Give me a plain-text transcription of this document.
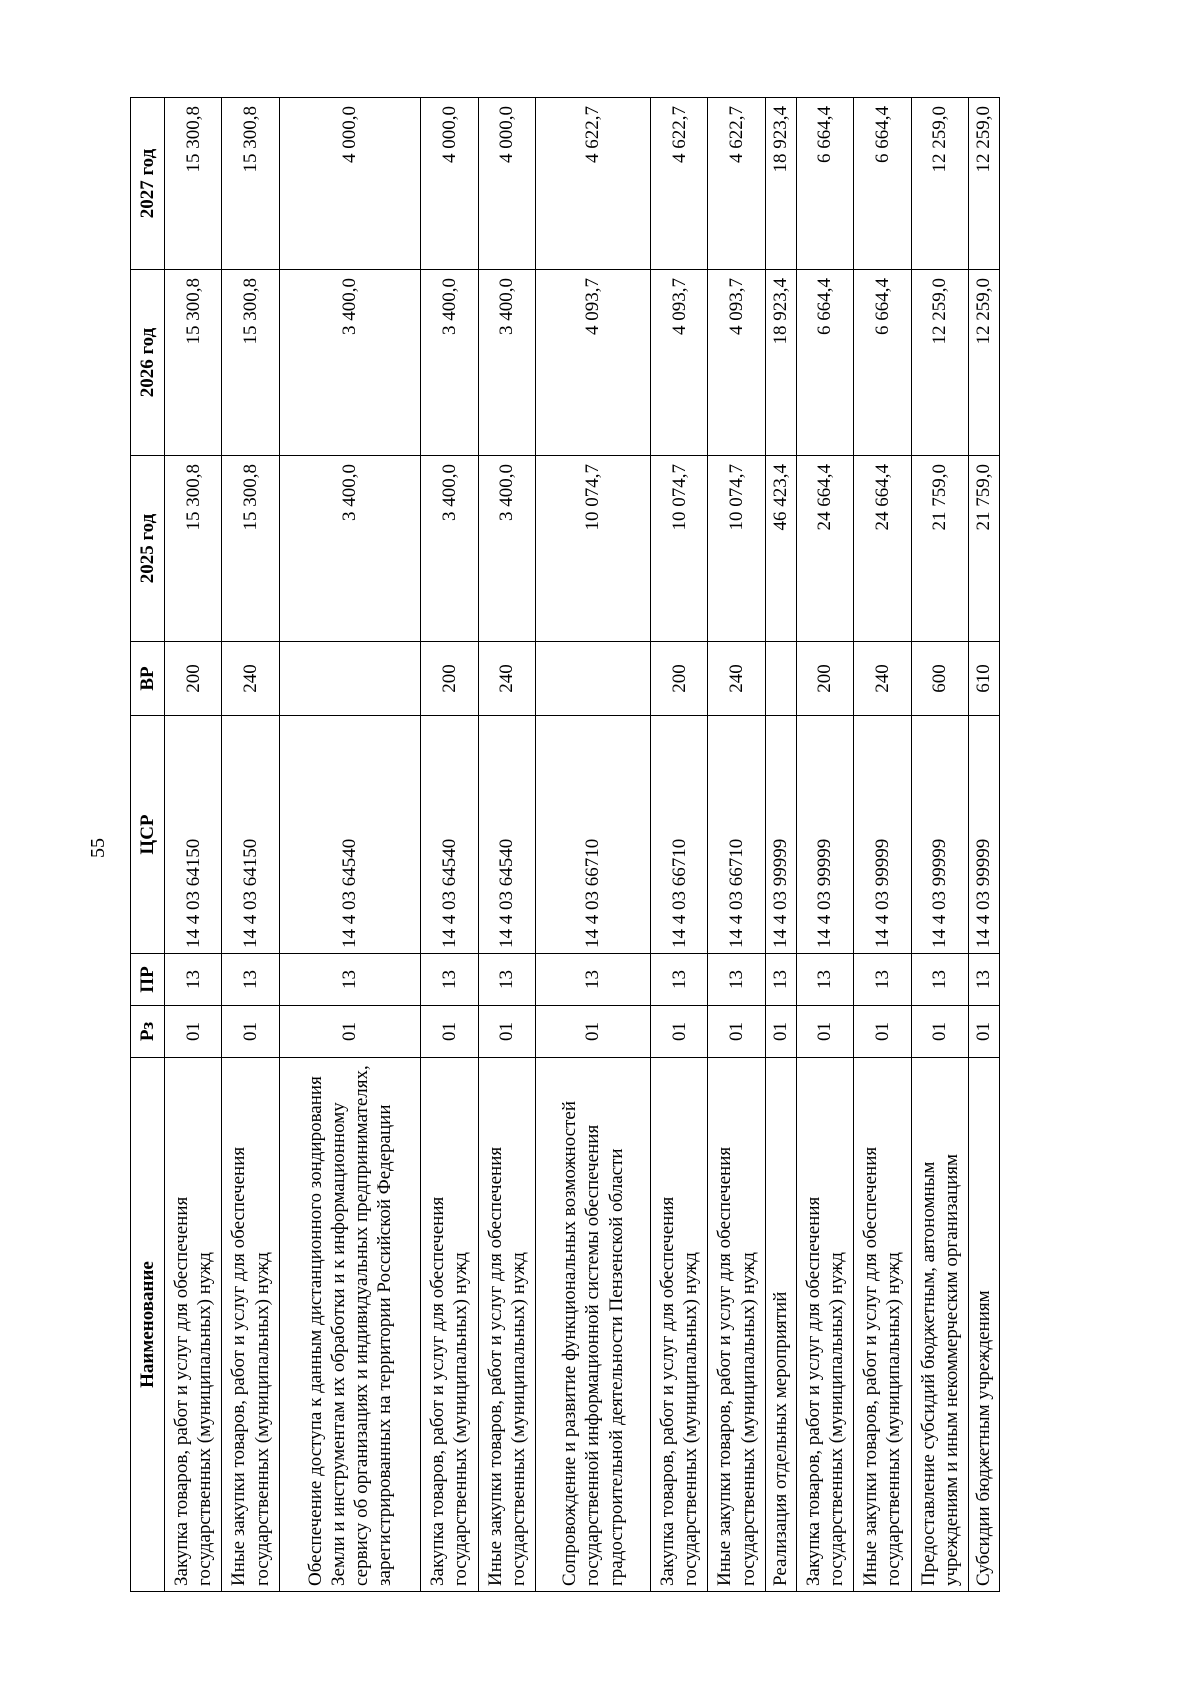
55
Наименование	Рз	ПР	ЦСР	ВР	2025 год	2026 год	2027 год
Закупка товаров, работ и услуг для обеспечения государственных (муниципальных) нужд	01	13	14 4 03 64150	200	15 300,8	15 300,8	15 300,8
Иные закупки товаров, работ и услуг для обеспечения государственных (муниципальных) нужд	01	13	14 4 03 64150	240	15 300,8	15 300,8	15 300,8
Обеспечение доступа к данным дистанционного зондирования Земли и инструментам их обработки и к информационному сервису об организациях и индивидуальных предпринимателях, зарегистрированных на территории Российской Федерации	01	13	14 4 03 64540		3 400,0	3 400,0	4 000,0
Закупка товаров, работ и услуг для обеспечения государственных (муниципальных) нужд	01	13	14 4 03 64540	200	3 400,0	3 400,0	4 000,0
Иные закупки товаров, работ и услуг для обеспечения государственных (муниципальных) нужд	01	13	14 4 03 64540	240	3 400,0	3 400,0	4 000,0
Сопровождение и развитие функциональных возможностей государственной информационной системы обеспечения градостроительной деятельности Пензенской области	01	13	14 4 03 66710		10 074,7	4 093,7	4 622,7
Закупка товаров, работ и услуг для обеспечения государственных (муниципальных) нужд	01	13	14 4 03 66710	200	10 074,7	4 093,7	4 622,7
Иные закупки товаров, работ и услуг для обеспечения государственных (муниципальных) нужд	01	13	14 4 03 66710	240	10 074,7	4 093,7	4 622,7
Реализация отдельных мероприятий	01	13	14 4 03 99999		46 423,4	18 923,4	18 923,4
Закупка товаров, работ и услуг для обеспечения государственных (муниципальных) нужд	01	13	14 4 03 99999	200	24 664,4	6 664,4	6 664,4
Иные закупки товаров, работ и услуг для обеспечения государственных (муниципальных) нужд	01	13	14 4 03 99999	240	24 664,4	6 664,4	6 664,4
Предоставление субсидий бюджетным, автономным учреждениям и иным некоммерческим организациям	01	13	14 4 03 99999	600	21 759,0	12 259,0	12 259,0
Субсидии бюджетным учреждениям	01	13	14 4 03 99999	610	21 759,0	12 259,0	12 259,0
